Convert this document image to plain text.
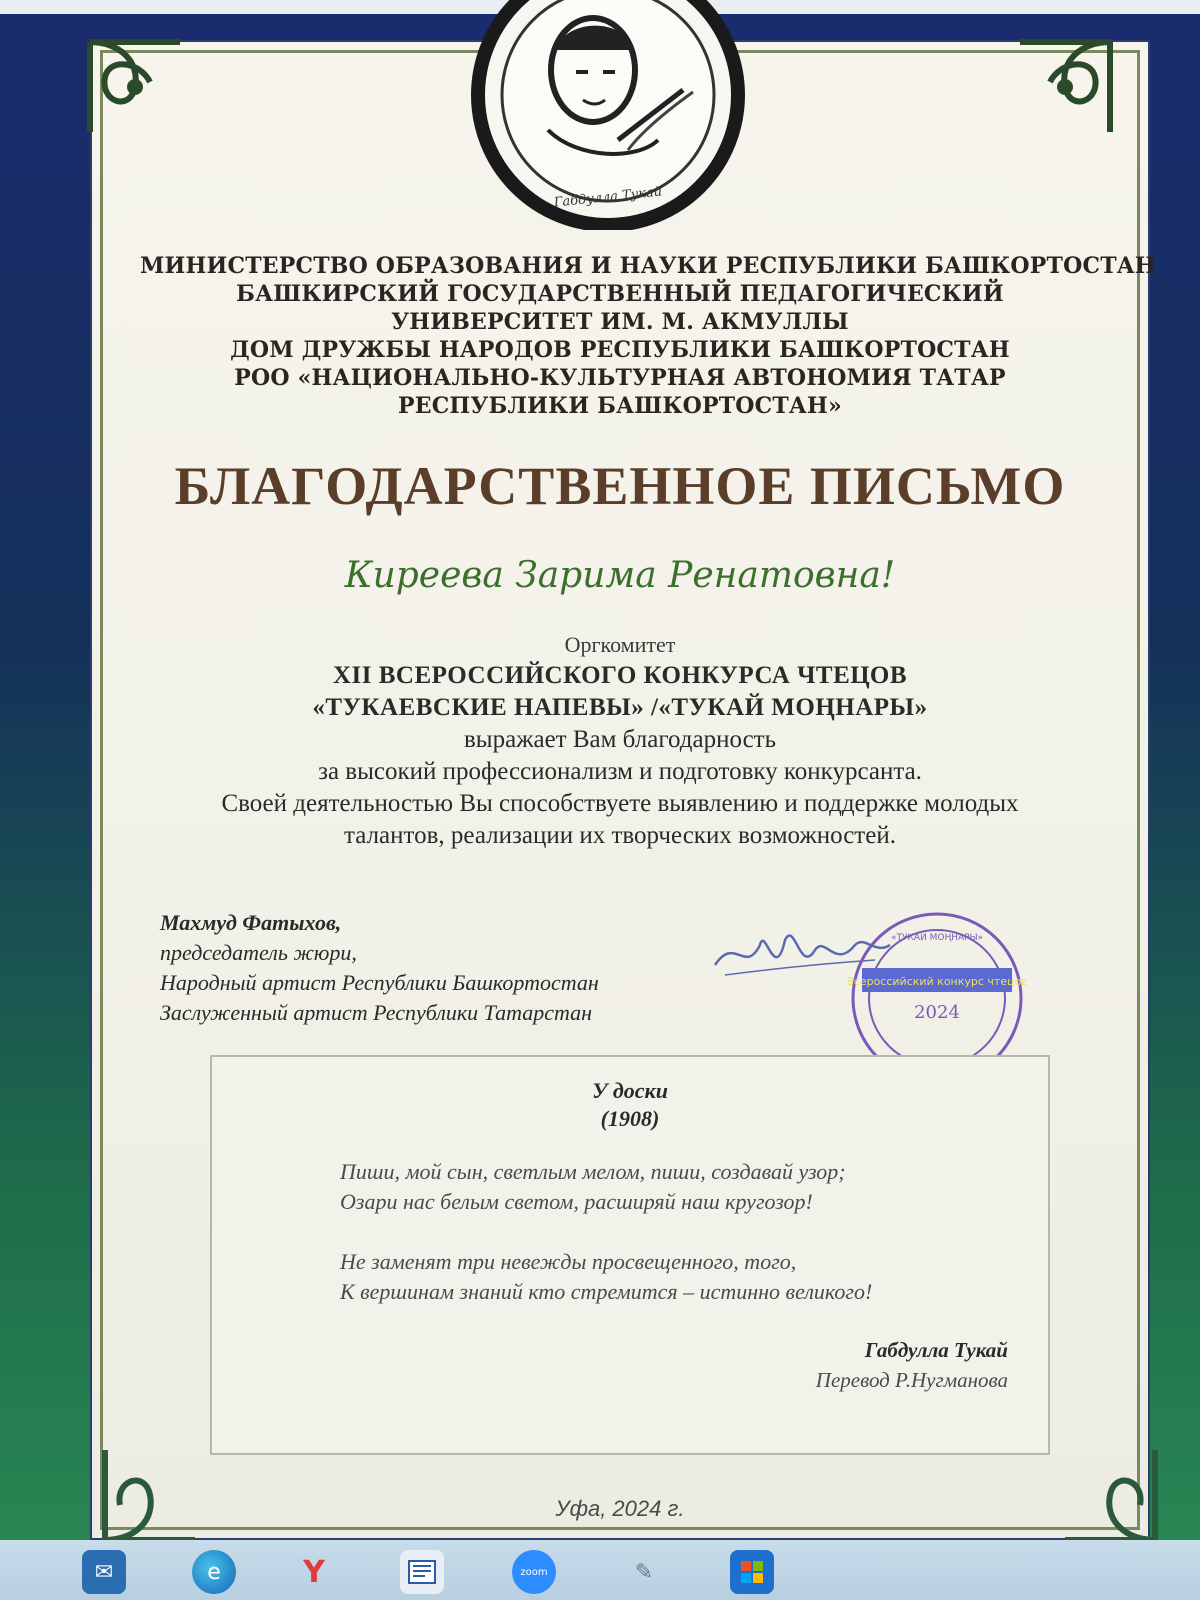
Габдулла Тукай
МИНИСТЕРСТВО ОБРАЗОВАНИЯ И НАУКИ РЕСПУБЛИКИ БАШКОРТОСТАН
БАШКИРСКИЙ ГОСУДАРСТВЕННЫЙ ПЕДАГОГИЧЕСКИЙ
УНИВЕРСИТЕТ ИМ. М. АКМУЛЛЫ
ДОМ ДРУЖБЫ НАРОДОВ РЕСПУБЛИКИ БАШКОРТОСТАН
РОО «НАЦИОНАЛЬНО-КУЛЬТУРНАЯ АВТОНОМИЯ ТАТАР
РЕСПУБЛИКИ БАШКОРТОСТАН»
БЛАГОДАРСТВЕННОЕ ПИСЬМО
Киреева Зарима Ренатовна!
Оргкомитет
XII ВСЕРОССИЙСКОГО КОНКУРСА ЧТЕЦОВ
«ТУКАЕВСКИЕ НАПЕВЫ» /«ТУКАЙ МОҢНАРЫ»
выражает Вам благодарность
за высокий профессионализм и подготовку конкурсанта.
Своей деятельностью Вы способствуете выявлению и поддержке молодых
талантов, реализации их творческих возможностей.
Махмуд Фатыхов,
председатель жюри,
Народный артист Республики Башкортостан
Заслуженный артист Республики Татарстан
Всероссийский конкурс чтецов
2024
«ТУКАЙ МОҢНАРЫ»
У доски
(1908)
Пиши, мой сын, светлым мелом, пиши, создавай узор;
Озари нас белым светом, расширяй наш кругозор!
Не заменят три невежды просвещенного, того,
К вершинам знаний кто стремится – истинно великого!
Габдулла Тукай
Перевод Р.Нугманова
Уфа, 2024 г.
✉	e	Y	zoom	✎
